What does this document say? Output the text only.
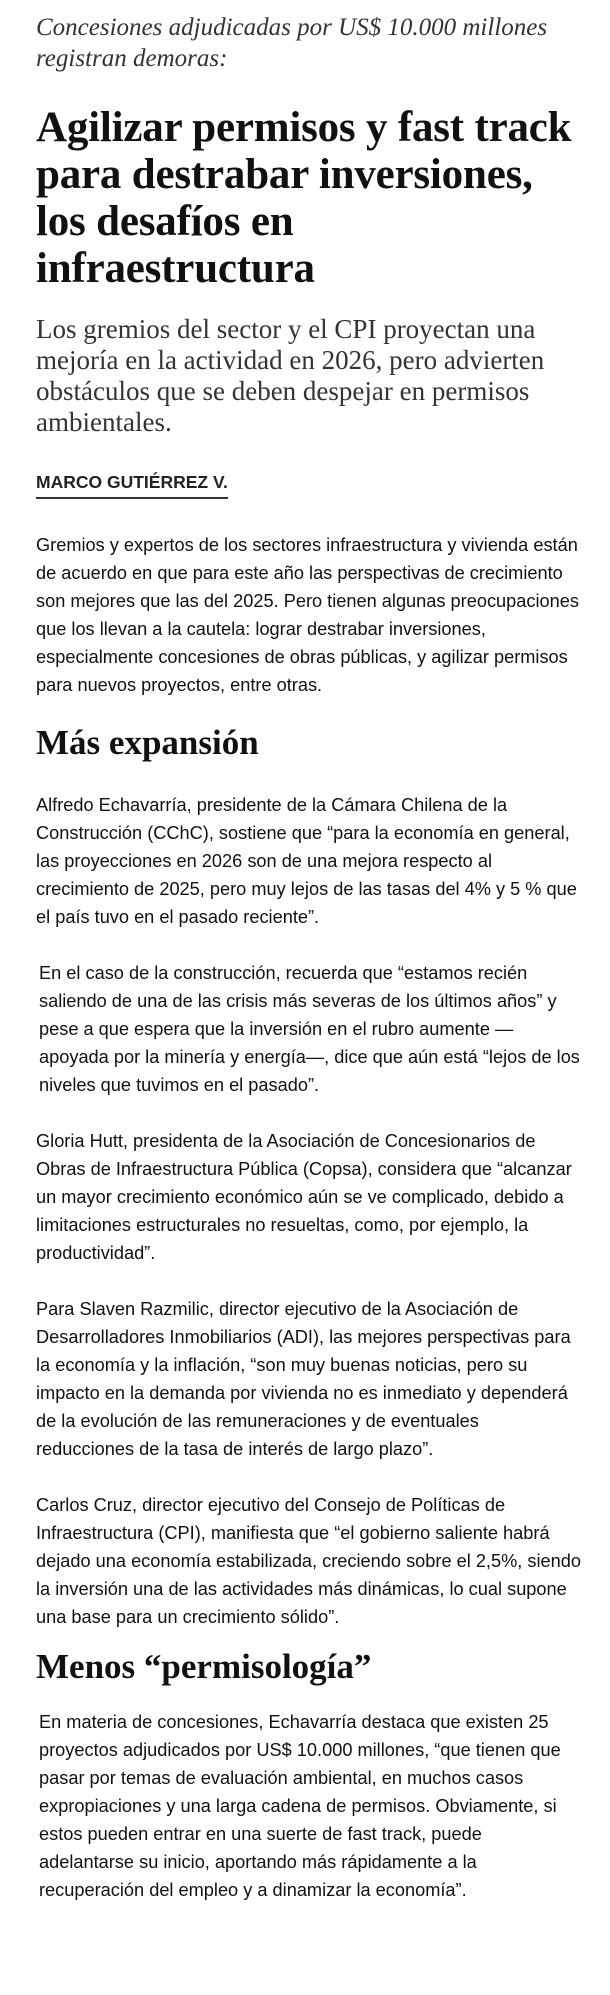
Concesiones adjudicadas por US$ 10.000 millones registran demoras:
Agilizar permisos y fast track para destrabar inversiones, los desafíos en infraestructura

Los gremios del sector y el CPI proyectan una mejoría en la actividad en 2026, pero advierten obstáculos que se deben despejar en permisos ambientales.

MARCO GUTIÉRREZ V.

Gremios y expertos de los sectores infraestructura y vivienda están de acuerdo en que para este año las perspectivas de crecimiento son mejores que las del 2025. Pero tienen algunas preocupaciones que los llevan a la cautela: lograr destrabar inversiones, especialmente concesiones de obras públicas, y agilizar permisos para nuevos proyectos, entre otras.

Más expansión

Alfredo Echavarría, presidente de la Cámara Chilena de la Construcción (CChC), sostiene que “para la economía en general, las proyecciones en 2026 son de una mejora respecto al crecimiento de 2025, pero muy lejos de las tasas del 4% y 5 % que el país tuvo en el pasado reciente”.

En el caso de la construcción, recuerda que “estamos recién saliendo de una de las crisis más severas de los últimos años” y pese a que espera que la inversión en el rubro aumente —apoyada por la minería y energía—, dice que aún está “lejos de los niveles que tuvimos en el pasado”.

Gloria Hutt, presidenta de la Asociación de Concesionarios de Obras de Infraestructura Pública (Copsa), considera que “alcanzar un mayor crecimiento económico aún se ve complicado, debido a limitaciones estructurales no resueltas, como, por ejemplo, la productividad”.

Para Slaven Razmilic, director ejecutivo de la Asociación de Desarrolladores Inmobiliarios (ADI), las mejores perspectivas para la economía y la inflación, “son muy buenas noticias, pero su impacto en la demanda por vivienda no es inmediato y dependerá de la evolución de las remuneraciones y de eventuales reducciones de la tasa de interés de largo plazo”.

Carlos Cruz, director ejecutivo del Consejo de Políticas de Infraestructura (CPI), manifiesta que “el gobierno saliente habrá dejado una economía estabilizada, creciendo sobre el 2,5%, siendo la inversión una de las actividades más dinámicas, lo cual supone una base para un crecimiento sólido”.

Menos “permisología”

En materia de concesiones, Echavarría destaca que existen 25 proyectos adjudicados por US$ 10.000 millones, “que tienen que pasar por temas de evaluación ambiental, en muchos casos expropiaciones y una larga cadena de permisos. Obviamente, si estos pueden entrar en una suerte de fast track, puede adelantarse su inicio, aportando más rápidamente a la recuperación del empleo y a dinamizar la economía”.
